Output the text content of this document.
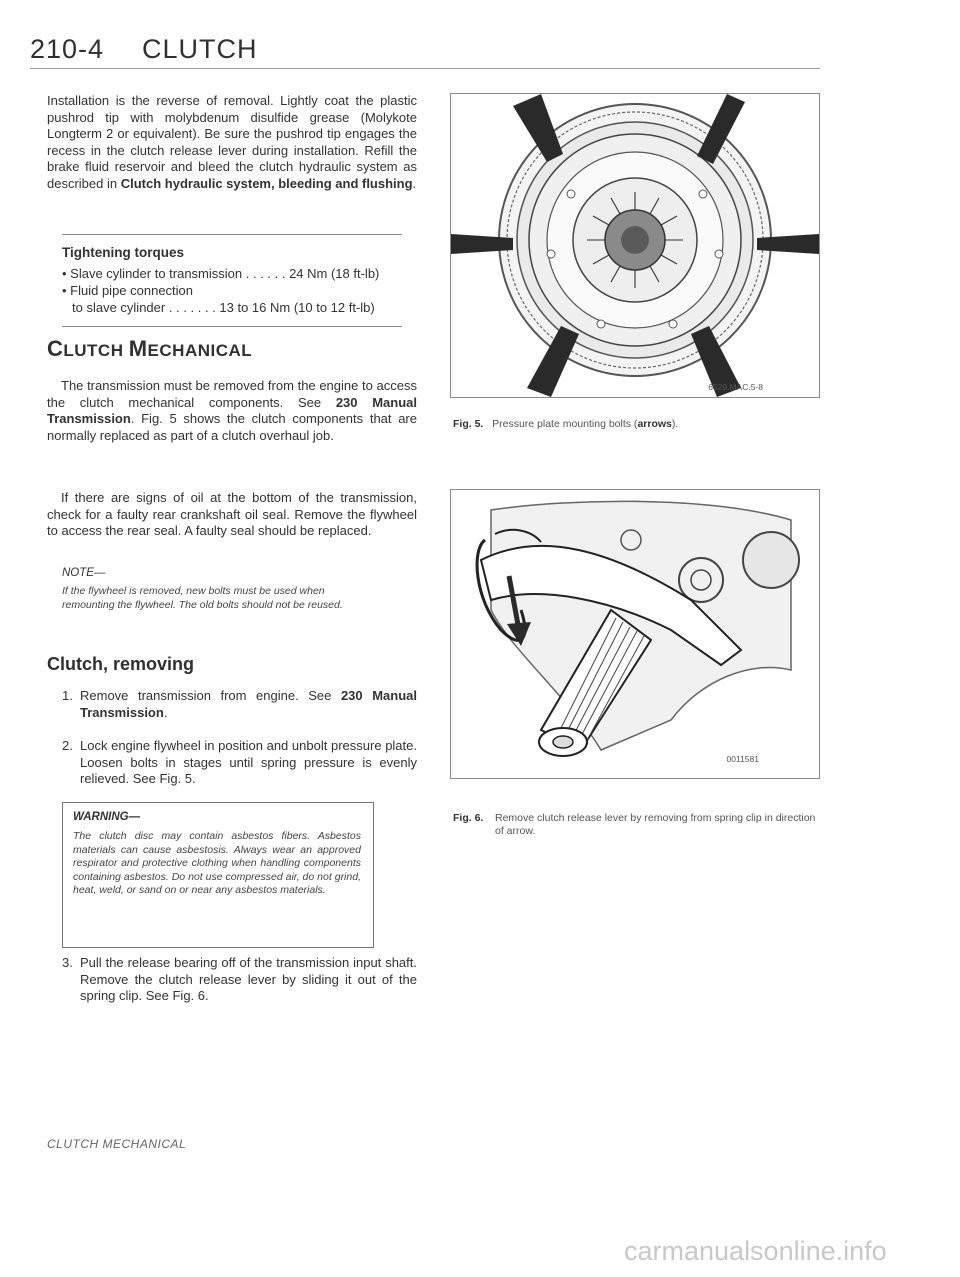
210-4 CLUTCH
Installation is the reverse of removal. Lightly coat the plastic pushrod tip with molybdenum disulfide grease (Molykote Longterm 2 or equivalent). Be sure the pushrod tip engages the recess in the clutch release lever during installation. Refill the brake fluid reservoir and bleed the clutch hydraulic system as described in Clutch hydraulic system, bleeding and flushing.
Tightening torques
• Slave cylinder to transmission . . . . . . 24 Nm (18 ft-lb)
• Fluid pipe connection
to slave cylinder . . . . . . . 13 to 16 Nm (10 to 12 ft-lb)
CLUTCH MECHANICAL
The transmission must be removed from the engine to access the clutch mechanical components. See 230 Manual Transmission. Fig. 5 shows the clutch components that are normally replaced as part of a clutch overhaul job.
If there are signs of oil at the bottom of the transmission, check for a faulty rear crankshaft oil seal. Remove the flywheel to access the rear seal. A faulty seal should be replaced.
NOTE—
If the flywheel is removed, new bolts must be used when remounting the flywheel. The old bolts should not be reused.
Clutch, removing
1. Remove transmission from engine. See 230 Manual Transmission.
2. Lock engine flywheel in position and unbolt pressure plate. Loosen bolts in stages until spring pressure is evenly relieved. See Fig. 5.
WARNING—
The clutch disc may contain asbestos fibers. Asbestos materials can cause asbestosis. Always wear an approved respirator and protective clothing when handling components containing asbestos. Do not use compressed air, do not grind, heat, weld, or sand on or near any asbestos materials.
3. Pull the release bearing off of the transmission input shaft. Remove the clutch release lever by sliding it out of the spring clip. See Fig. 6.
6529.MAC.5-8
Fig. 5. Pressure plate mounting bolts (arrows).
0011581
Fig. 6.	Remove clutch release lever by removing from spring clip in direction of arrow.
CLUTCH MECHANICAL
carmanualsonline.info
